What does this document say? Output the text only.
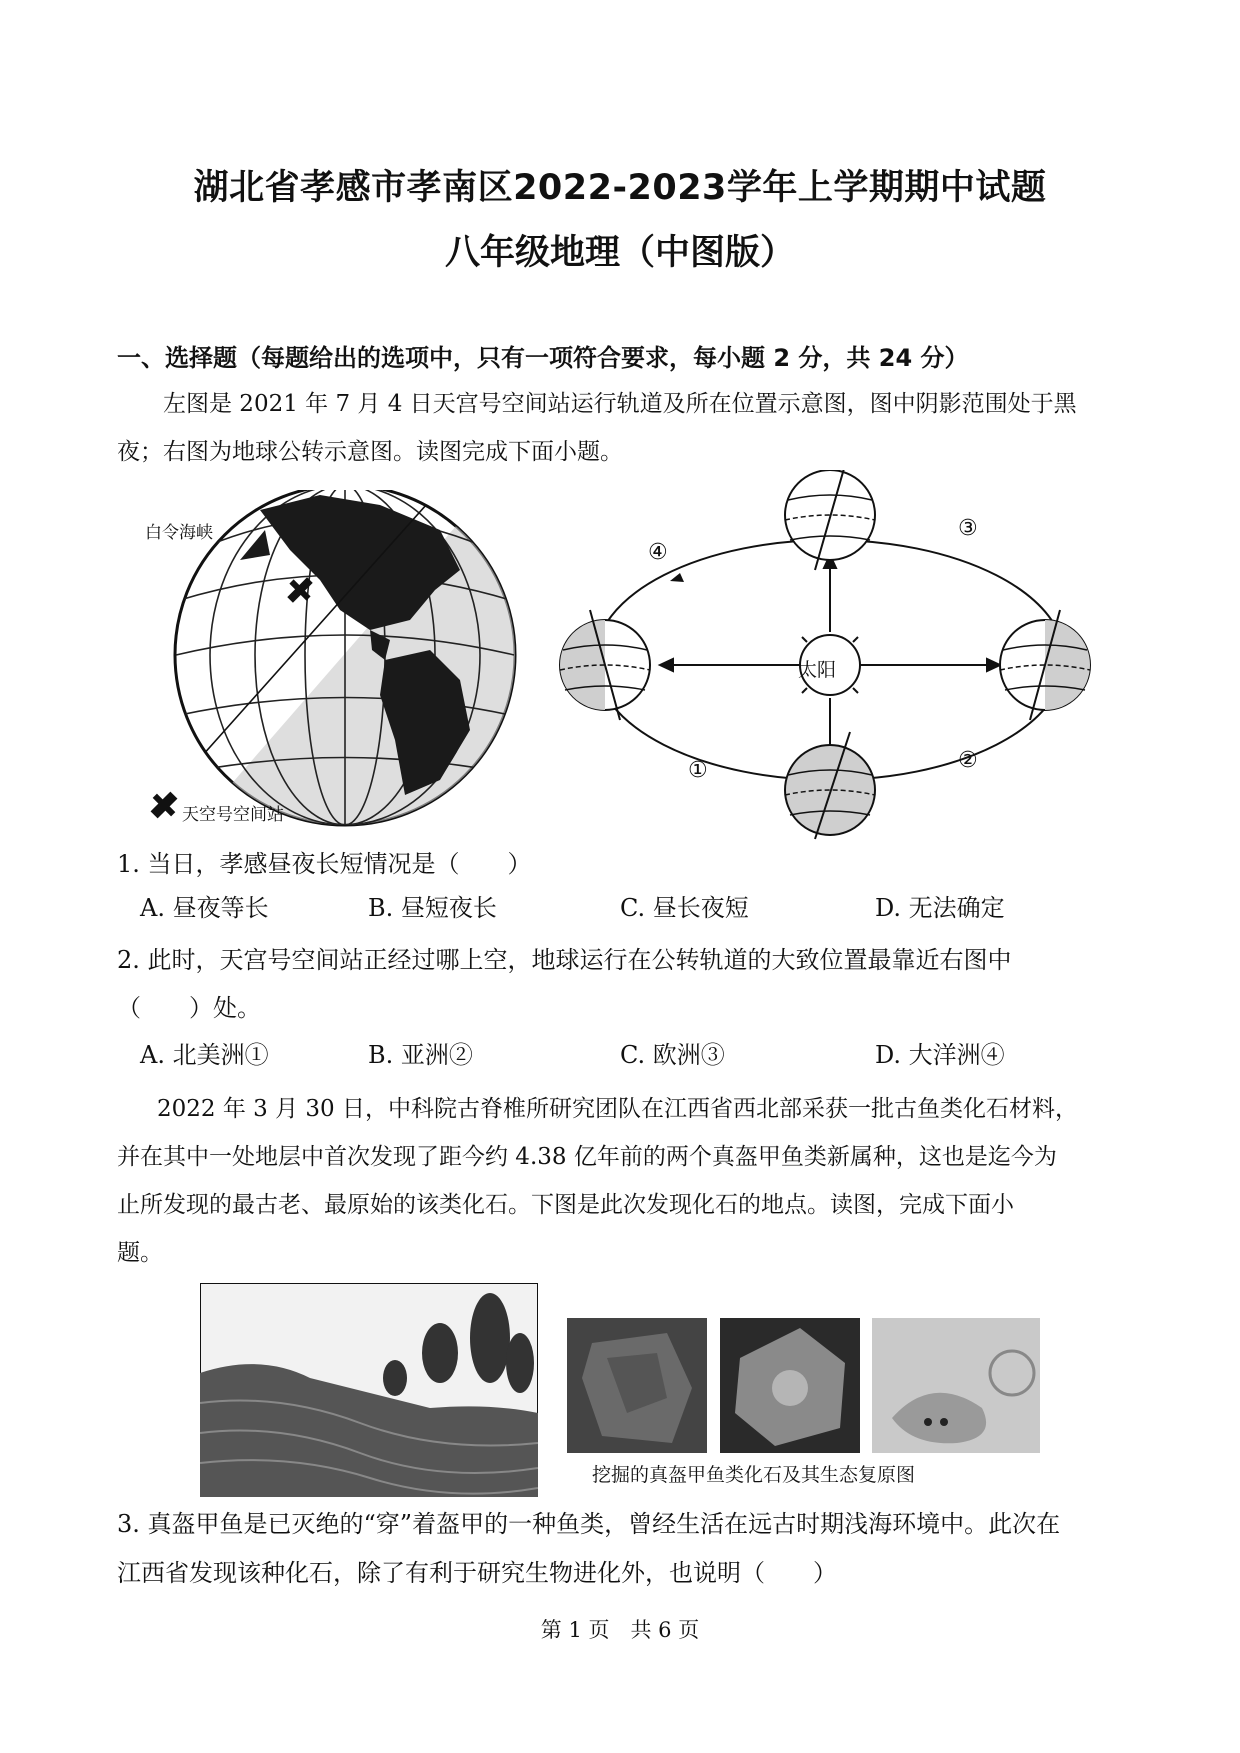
湖北省孝感市孝南区2022-2023学年上学期期中试题
八年级地理（中图版）
一、选择题（每题给出的选项中，只有一项符合要求，每小题 2 分，共 24 分）
左图是 2021 年 7 月 4 日天宫号空间站运行轨道及所在位置示意图，图中阴影范围处于黑
夜；右图为地球公转示意图。读图完成下面小题。
白令海峡
天空号空间站
太阳
①	②
③
④
1. 当日，孝感昼夜长短情况是（　　）
A. 昼夜等长	B. 昼短夜长	C. 昼长夜短	D. 无法确定
2. 此时，天宫号空间站正经过哪上空，地球运行在公转轨道的大致位置最靠近右图中
（　　）处。
A. 北美洲①	B. 亚洲②	C. 欧洲③	D. 大洋洲④
2022 年 3 月 30 日，中科院古脊椎所研究团队在江西省西北部采获一批古鱼类化石材料，
并在其中一处地层中首次发现了距今约 4.38 亿年前的两个真盔甲鱼类新属种，这也是迄今为
止所发现的最古老、最原始的该类化石。下图是此次发现化石的地点。读图，完成下面小
题。
挖掘的真盔甲鱼类化石及其生态复原图
3. 真盔甲鱼是已灭绝的“穿”着盔甲的一种鱼类，曾经生活在远古时期浅海环境中。此次在
江西省发现该种化石，除了有利于研究生物进化外，也说明（　　）
第 1 页　共 6 页
